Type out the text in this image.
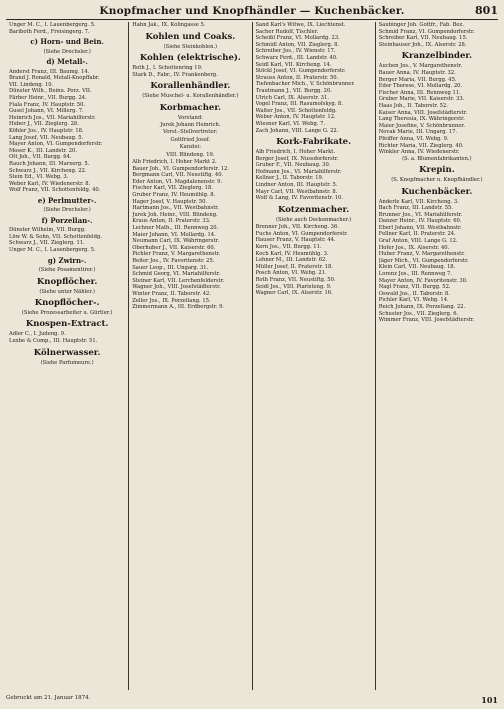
Knopfmacher und Knopfhändler — Kuchenbäcker.	801
Unger M. C., I. Lauenbergerg. 5.
Bariboth Ferd., Freisingerg. 7.
c) Horn- und Bein.
(Siehe Drechsler.)
d) Metall-.
Anderst Franz, III. Baumg. 14.
Brand J. Ronald, Metall-Knopffabr.
VII. Lindeng. 10.
Dünster Wilh., Beinu. Porz. VII.
Färber Heinr., VII. Burgg. 24.
Fiala Franz, IV. Hauptstr. 50.
Gusel Johann, VI. Millerg. 7.
Heinrich Jos., VII. Mariahilferstr.
Huber J., VII. Zieglerg. 28.
Köhler Jos., IV. Hauptstr. 18.
Lang Josef, VII. Neubaug. 5.
Mayer Anton, VI. Gumpendorferstr.
Moser K., III. Landstr. 20.
Ott Joh., VII. Burgg. 64.
Rauch Johann, III. Marxerg. 5.
Schwarz J., VII. Kircheng. 22.
Stein Ed., VI. Webg. 3.
Weber Karl, IV. Wiedenerstr. 8.
Wolf Franz, VII. Schottenfeldg. 40.
e) Perlmutter-.
(Siehe Drechsler.)
f) Porzellan-.
Dünster Wilhelm, VII. Burgg.
Löw W. & Sohn, VII. Schottenfeldg.
Schwarz J., VII. Zieglerg. 11.
Unger M. C., I. Lauenbergerg. 5.
g) Zwirn-.
(Siehe Posamentirer.)
Knopflöcher.
(Siehe unter Nähler.)
Knopflöcher-.
(Siehe Prozessarbeiter u. Gürtler.)
Knospen-Extract.
Adler C., I. Judeng. 9.
Luxbe & Comp., III. Hauptstr. 51.
Kölnerwasser.
(Siehe Parfumeure.)
Hahn Jak., IX. Kolingasse 5.
Kohlen und Coaks.
(Siehe Steinkohlen.)
Kohlen (elektrische).
Roth J., I. Schottenring 19.
Stark D., Fabr., IV. Frankenberg.
Korallenhändler.
(Siehe Muschel- u. Korallenhändler.)
Korbmacher.
Vorstand:
Jurek Johann Heinrich.
Vorst.-Stellvertreter:
Gottfried Josef.
Kanzlei:
VIII. Blindeng. 19.
Alb Friedrich, I. Hoher Markt 2.
Bauer Joh., VI. Gumpendorferstr. 12.
Bergmann Carl, VII. Neustiftg. 40.
Eder Anton, VI. Magdalenenstr. 9.
Fischer Karl, VII. Zieglerg. 18.
Gruber Franz, IV. Heumühlg. 8.
Hager Josef, V. Hauptstr. 50.
Hartmann Jos., VII. Westbahnstr.
Jurek Joh. Heinr., VIII. Blindeng.
Kraus Anton, II. Praterstr. 33.
Lechner Math., III. Rennweg 20.
Maier Johann, VI. Mollardg. 14.
Neumann Carl, IX. Währingerstr.
Oberhuber J., VII. Kaiserstr. 60.
Pichler Franz, V. Margarethenstr.
Reiter Jos., IV. Favoritenstr. 25.
Sauer Leop., III. Ungarg. 31.
Schmid Georg, VI. Mariahilferstr.
Steiner Karl, VII. Lerchenfelderstr.
Wagner Joh., VIII. Josefstädterstr.
Winter Franz, II. Taborstr. 42.
Zeller Jos., IX. Porzellang. 15.
Zimmermann A., III. Erdbergstr. 9.
Sand Karl's Witwe, IX. Liechtenst.
Sacher Rudolf, Tischler.
Scheibl Franz, VI. Mollardg. 23.
Schmidl Anton, VII. Zieglerg. 8.
Schreiber Jos., IV. Wienstr. 17.
Schwarz Ferd., III. Landstr. 40.
Seidl Karl, VII. Kircheng. 14.
Stöckl Josef, VI. Gumpendorferstr.
Strauss Anton, II. Praterstr. 50.
Tiefenbacher Mich., V. Schönbrunner.
Trautmann J., VII. Burgg. 20.
Ulrich Carl, IX. Alserstr. 31.
Vogel Franz, III. Rasumofskyg. 8.
Walter Jos., VII. Schottenfeldg.
Weber Anton, IV. Hauptstr. 12.
Wiesner Karl, VI. Webg. 7.
Zach Johann, VIII. Lange G. 22.
Kork-Fabrikate.
Alb Friedrich, I. Hoher Markt.
Berger Josef, IX. Nussdorferstr.
Gruber F., VII. Neubaug. 30.
Hofmann Jos., VI. Mariahilferstr.
Kellner J., II. Taborstr. 19.
Lindner Anton, III. Hauptstr. 5.
Mayr Carl, VII. Westbahnstr. 8.
Wolf & Lang, IV. Favoritenstr. 10.
Kotzenmacher.
(Siehe auch Deckenmacher.)
Brenner Joh., VII. Kircheng. 36.
Fuchs Anton, VI. Gumpendorferstr.
Hauser Franz, V. Hauptstr. 44.
Kern Jos., VII. Burgg. 11.
Koch Karl, IV. Heumühlg. 3.
Lehner M., III. Landstr. 62.
Müller Josef, II. Praterstr. 18.
Posch Anton, VI. Webg. 21.
Roth Franz, VII. Neustiftg. 50.
Seidl Jos., VIII. Piaristeng. 9.
Wagner Carl, IX. Alserstr. 16.
Saubinger Joh. Gottfr., Fab. Bez.
Schmid Franz, VI. Gumpendorferstr.
Schreiber Karl, VII. Neubaug. 15.
Steinhauser Joh., IX. Alserstr. 28.
Kranzelbinder.
Auchen Jos., V. Margarethenstr.
Bauer Anna, IV. Hauptstr. 32.
Berger Maria, VII. Burgg. 45.
Eder Therese, VI. Mollardg. 20.
Fischer Anna, III. Rennweg 11.
Gruber Marie, VII. Kaiserstr. 33.
Haas Joh., II. Taborstr. 52.
Kaiser Anna, VIII. Josefstädterstr.
Lang Theresia, IX. Währingerstr.
Maier Josefine, V. Schönbrunner.
Novak Marie, III. Ungarg. 17.
Pfeiffer Anna, VI. Webg. 9.
Richter Maria, VII. Zieglerg. 40.
Winkler Anna, IV. Wiedenerstr.
(S. a. Blumenfabrikanten.)
Krepin.
(S. Knopfmacher u. Knopfhändler.)
Kuchenbäcker.
Anderle Karl, VII. Kircheng. 3.
Bach Franz, III. Landstr. 55.
Brunner Jos., VI. Mariahilferstr.
Danzer Heinr., IV. Hauptstr. 60.
Eberl Johann, VII. Westbahnstr.
Fellner Karl, II. Praterstr. 24.
Graf Anton, VIII. Lange G. 12.
Hofer Jos., IX. Alserstr. 40.
Huber Franz, V. Margarethenstr.
Jäger Mich., VI. Gumpendorferstr.
Klein Carl, VII. Neubaug. 18.
Lorenz Jos., III. Rennweg 7.
Mayer Anton, IV. Favoritenstr. 30.
Nagl Franz, VII. Burgg. 52.
Oswald Jos., II. Taborstr. 8.
Pichler Karl, VI. Webg. 14.
Reich Johann, IX. Porzellang. 22.
Schuster Jos., VII. Zieglerg. 6.
Wimmer Franz, VIII. Josefstädterstr.
Gebruckt am 21. Januar 1874.	101
